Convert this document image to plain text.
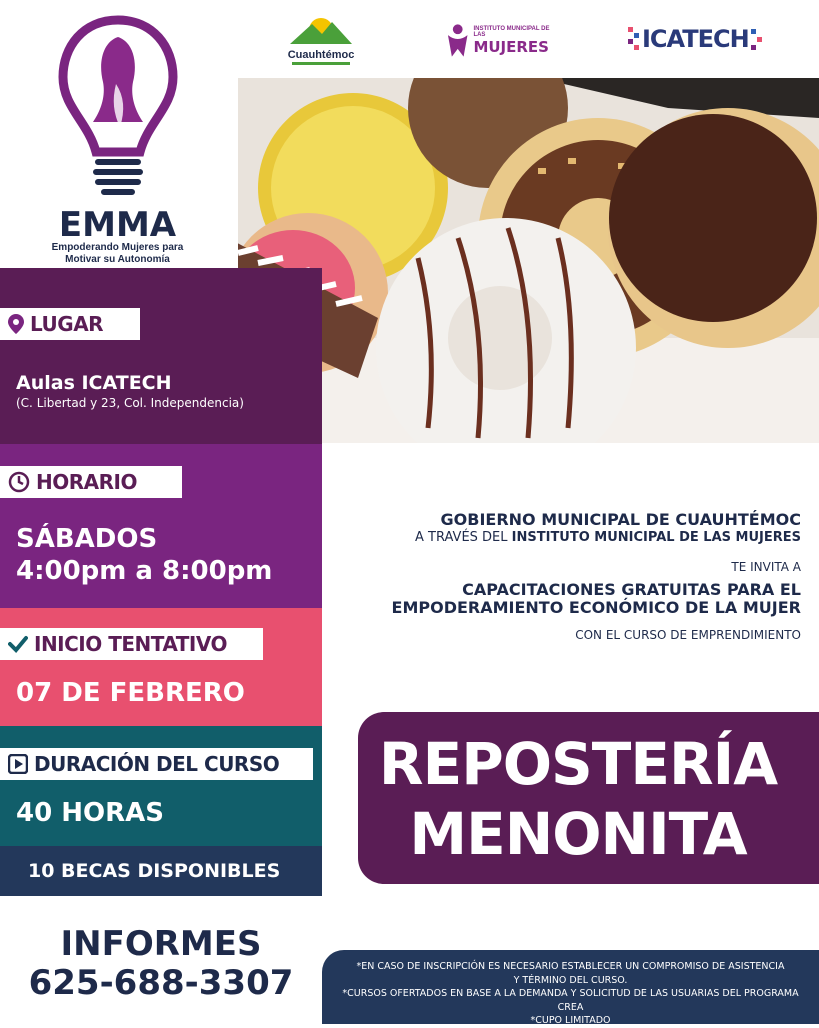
Cuauhtémoc
INSTITUTO MUNICIPAL DE LAS
MUJERES	ICATECH
EMMA
Empoderando Mujeres para
Motivar su Autonomía
LUGAR
Aulas ICATECH
(C. Libertad y 23, Col. Independencia)
HORARIO
SÁBADOS
4:00pm a 8:00pm
INICIO TENTATIVO
07 DE FEBRERO
DURACIÓN DEL CURSO
40 HORAS
10 BECAS DISPONIBLES
GOBIERNO MUNICIPAL DE CUAUHTÉMOC
A TRAVÉS DEL INSTITUTO MUNICIPAL DE LAS MUJERES
TE INVITA A
CAPACITACIONES GRATUITAS PARA EL
EMPODERAMIENTO ECONÓMICO DE LA MUJER
CON EL CURSO DE EMPRENDIMIENTO
REPOSTERÍA
MENONITA
INFORMES
625-688-3307	*EN CASO DE INSCRIPCIÓN ES NECESARIO ESTABLECER UN COMPROMISO DE ASISTENCIA
Y TÉRMINO DEL CURSO.
*CURSOS OFERTADOS EN BASE A LA DEMANDA Y SOLICITUD DE LAS USUARIAS DEL PROGRAMA CREA
*CUPO LIMITADO
